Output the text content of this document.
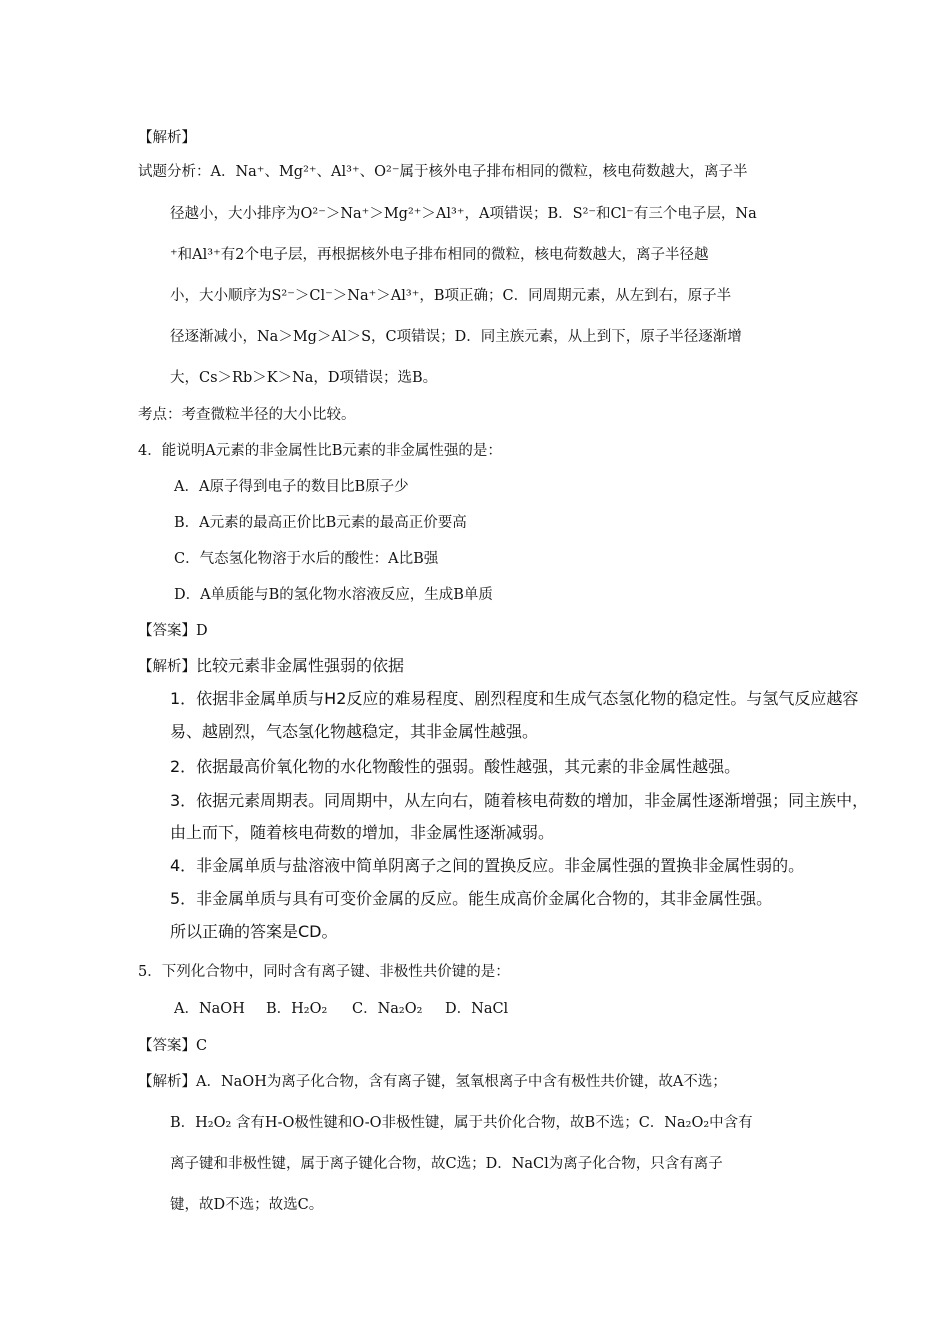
【解析】
试题分析：A．Na⁺、Mg²⁺、Al³⁺、O²⁻属于核外电子排布相同的微粒，核电荷数越大，离子半
径越小，大小排序为O²⁻＞Na⁺＞Mg²⁺＞Al³⁺，A项错误；B．S²⁻和Cl⁻有三个电子层，Na
⁺和Al³⁺有2个电子层，再根据核外电子排布相同的微粒，核电荷数越大，离子半径越
小，大小顺序为S²⁻＞Cl⁻＞Na⁺＞Al³⁺，B项正确；C．同周期元素，从左到右，原子半
径逐渐减小，Na＞Mg＞Al＞S，C项错误；D．同主族元素，从上到下，原子半径逐渐增
大，Cs＞Rb＞K＞Na，D项错误；选B。
考点：考查微粒半径的大小比较。
4．能说明A元素的非金属性比B元素的非金属性强的是：
A．A原子得到电子的数目比B原子少
B．A元素的最高正价比B元素的最高正价要高
C．气态氢化物溶于水后的酸性：A比B强
D．A单质能与B的氢化物水溶液反应，生成B单质
【答案】D
【解析】比较元素非金属性强弱的依据
1．依据非金属单质与H2反应的难易程度、剧烈程度和生成气态氢化物的稳定性。与氢气反应越容
易、越剧烈，气态氢化物越稳定，其非金属性越强。
2．依据最高价氧化物的水化物酸性的强弱。酸性越强，其元素的非金属性越强。
3．依据元素周期表。同周期中，从左向右，随着核电荷数的增加，非金属性逐渐增强；同主族中，
由上而下，随着核电荷数的增加，非金属性逐渐减弱。
4．非金属单质与盐溶液中简单阴离子之间的置换反应。非金属性强的置换非金属性弱的。
5．非金属单质与具有可变价金属的反应。能生成高价金属化合物的，其非金属性强。
所以正确的答案是CD。
5．下列化合物中，同时含有离子键、非极性共价键的是：
A．NaOH B．H₂O₂ C．Na₂O₂ D．NaCl
【答案】C
【解析】A．NaOH为离子化合物，含有离子键，氢氧根离子中含有极性共价键，故A不选；
B．H₂O₂ 含有H-O极性键和O-O非极性键，属于共价化合物，故B不选；C．Na₂O₂中含有
离子键和非极性键，属于离子键化合物，故C选；D．NaCl为离子化合物，只含有离子
键，故D不选；故选C。
